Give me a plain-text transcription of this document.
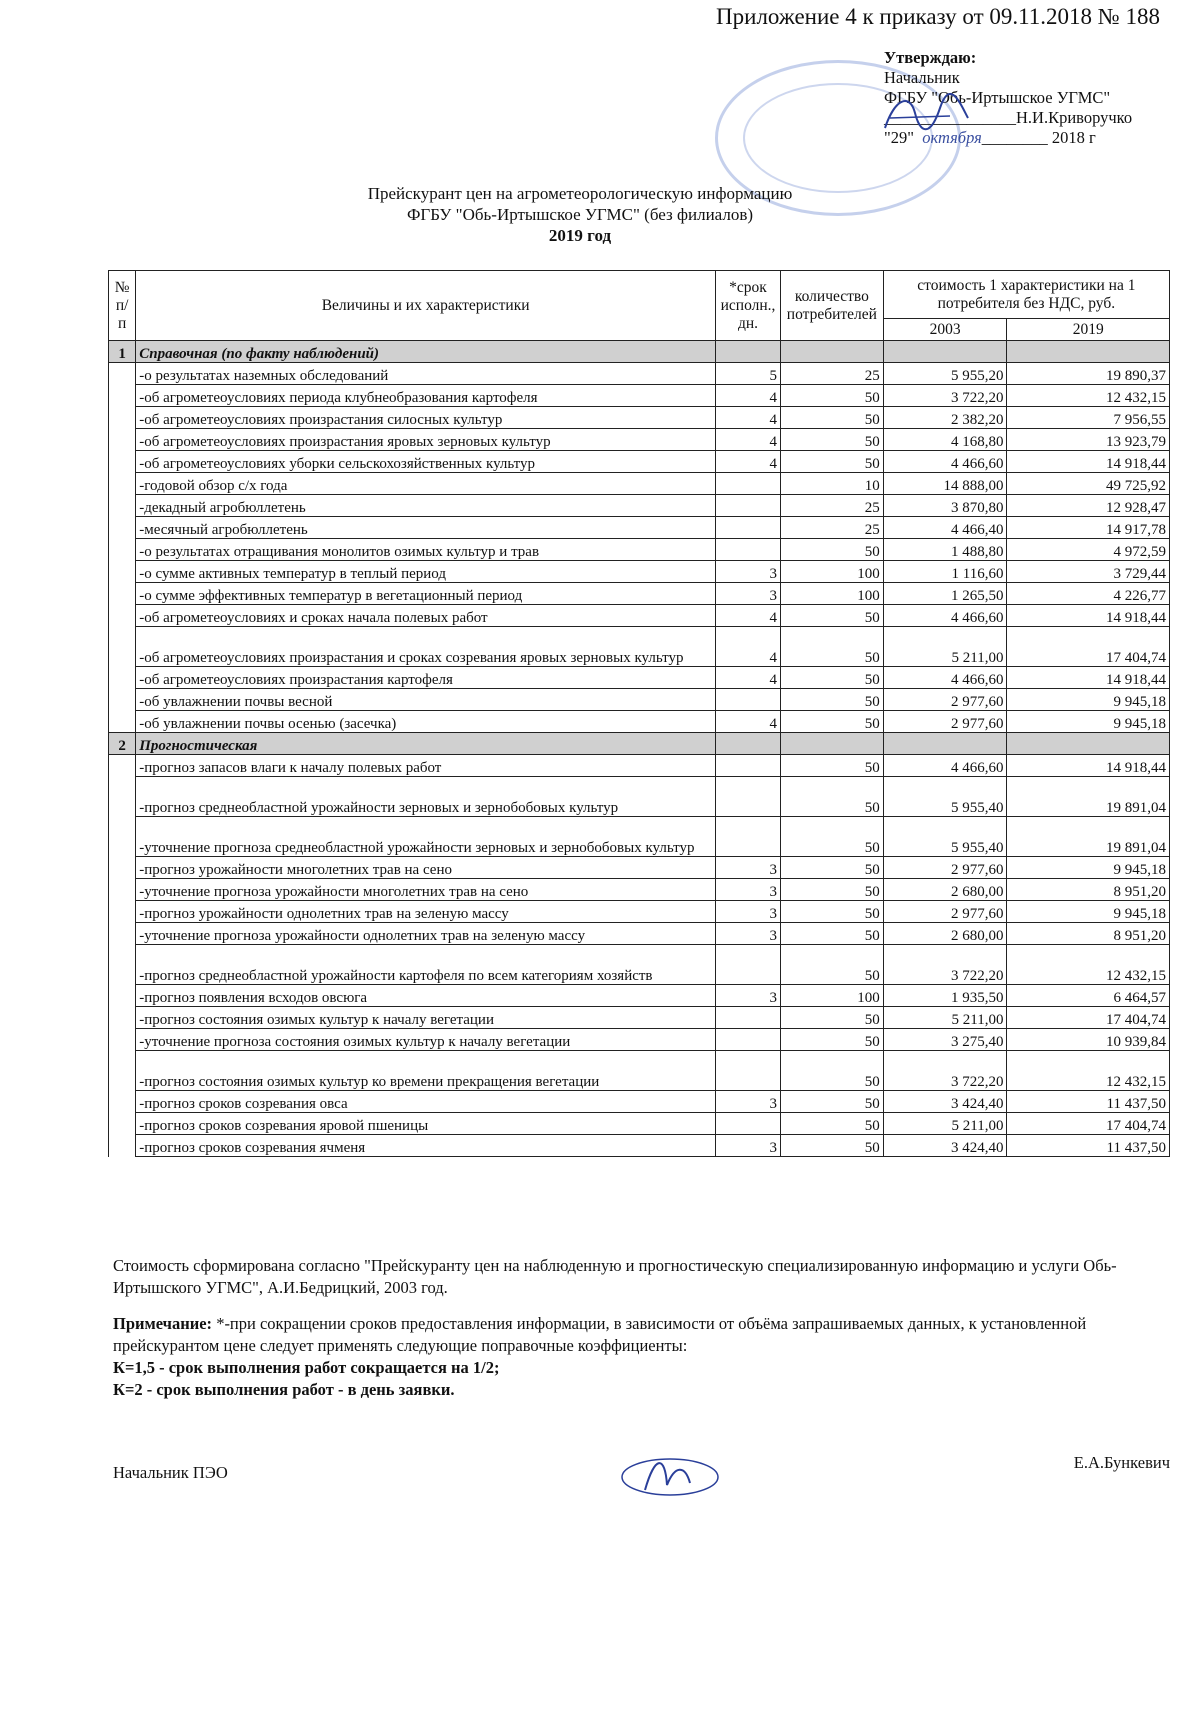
Приложение 4 к приказу от 09.11.2018 № 188
Утверждаю:
Начальник
ФГБУ "Обь-Иртышское УГМС"
________________Н.И.Криворучко
"29" октября________ 2018 г
Прейскурант цен на агрометеорологическую информацию
ФГБУ "Обь-Иртышское УГМС" (без филиалов)
2019 год
№ п/п	Величины и их характеристики	*срок исполн., дн.	количество потребителей	стоимость 1 характеристики на 1 потребителя без НДС, руб.	
				2003	2019
1	Справочная (по факту наблюдений)				
	-о результатах наземных обследований	5	25	5 955,20	19 890,37
	-об агрометеоусловиях периода клубнеобразования картофеля	4	50	3 722,20	12 432,15
	-об агрометеоусловиях произрастания силосных культур	4	50	2 382,20	7 956,55
	-об агрометеоусловиях произрастания яровых зерновых культур	4	50	4 168,80	13 923,79
	-об агрометеоусловиях уборки сельскохозяйственных культур	4	50	4 466,60	14 918,44
	-годовой обзор с/х года		10	14 888,00	49 725,92
	-декадный агробюллетень		25	3 870,80	12 928,47
	-месячный агробюллетень		25	4 466,40	14 917,78
	-о результатах отращивания монолитов озимых культур и трав		50	1 488,80	4 972,59
	-о сумме активных температур в теплый период	3	100	1 116,60	3 729,44
	-о сумме эффективных температур в вегетационный период	3	100	1 265,50	4 226,77
	-об агрометеоусловиях и сроках начала полевых работ	4	50	4 466,60	14 918,44
	-об агрометеоусловиях произрастания и сроках созревания яровых зерновых культур	4	50	5 211,00	17 404,74
	-об агрометеоусловиях произрастания картофеля	4	50	4 466,60	14 918,44
	-об увлажнении почвы весной		50	2 977,60	9 945,18
	-об увлажнении почвы осенью (засечка)	4	50	2 977,60	9 945,18
2	Прогностическая				
	-прогноз запасов влаги к началу полевых работ		50	4 466,60	14 918,44
	-прогноз среднеобластной урожайности зерновых и зернобобовых культур		50	5 955,40	19 891,04
	-уточнение прогноза среднеобластной урожайности зерновых и зернобобовых культур		50	5 955,40	19 891,04
	-прогноз урожайности многолетних трав на сено	3	50	2 977,60	9 945,18
	-уточнение прогноза урожайности многолетних трав на сено	3	50	2 680,00	8 951,20
	-прогноз урожайности однолетних трав на зеленую массу	3	50	2 977,60	9 945,18
	-уточнение прогноза урожайности однолетних трав на зеленую массу	3	50	2 680,00	8 951,20
	-прогноз среднеобластной урожайности картофеля по всем категориям хозяйств		50	3 722,20	12 432,15
	-прогноз появления всходов овсюга	3	100	1 935,50	6 464,57
	-прогноз состояния озимых культур к началу вегетации		50	5 211,00	17 404,74
	-уточнение прогноза состояния озимых культур к началу вегетации		50	3 275,40	10 939,84
	-прогноз состояния озимых культур ко времени прекращения вегетации		50	3 722,20	12 432,15
	-прогноз сроков созревания овса	3	50	3 424,40	11 437,50
	-прогноз сроков созревания яровой пшеницы		50	5 211,00	17 404,74
	-прогноз сроков созревания ячменя	3	50	3 424,40	11 437,50
Стоимость сформирована согласно "Прейскуранту цен на наблюденную и прогностическую специализированную информацию и услуги Обь-Иртышского УГМС", А.И.Бедрицкий, 2003 год.
Примечание: *-при сокращении сроков предоставления информации, в зависимости от объёма запрашиваемых данных, к установленной прейскурантом цене следует применять следующие поправочные коэффициенты:
К=1,5 - срок выполнения работ сокращается на 1/2;
К=2 - срок выполнения работ - в день заявки.
Начальник ПЭО
Е.А.Бункевич
